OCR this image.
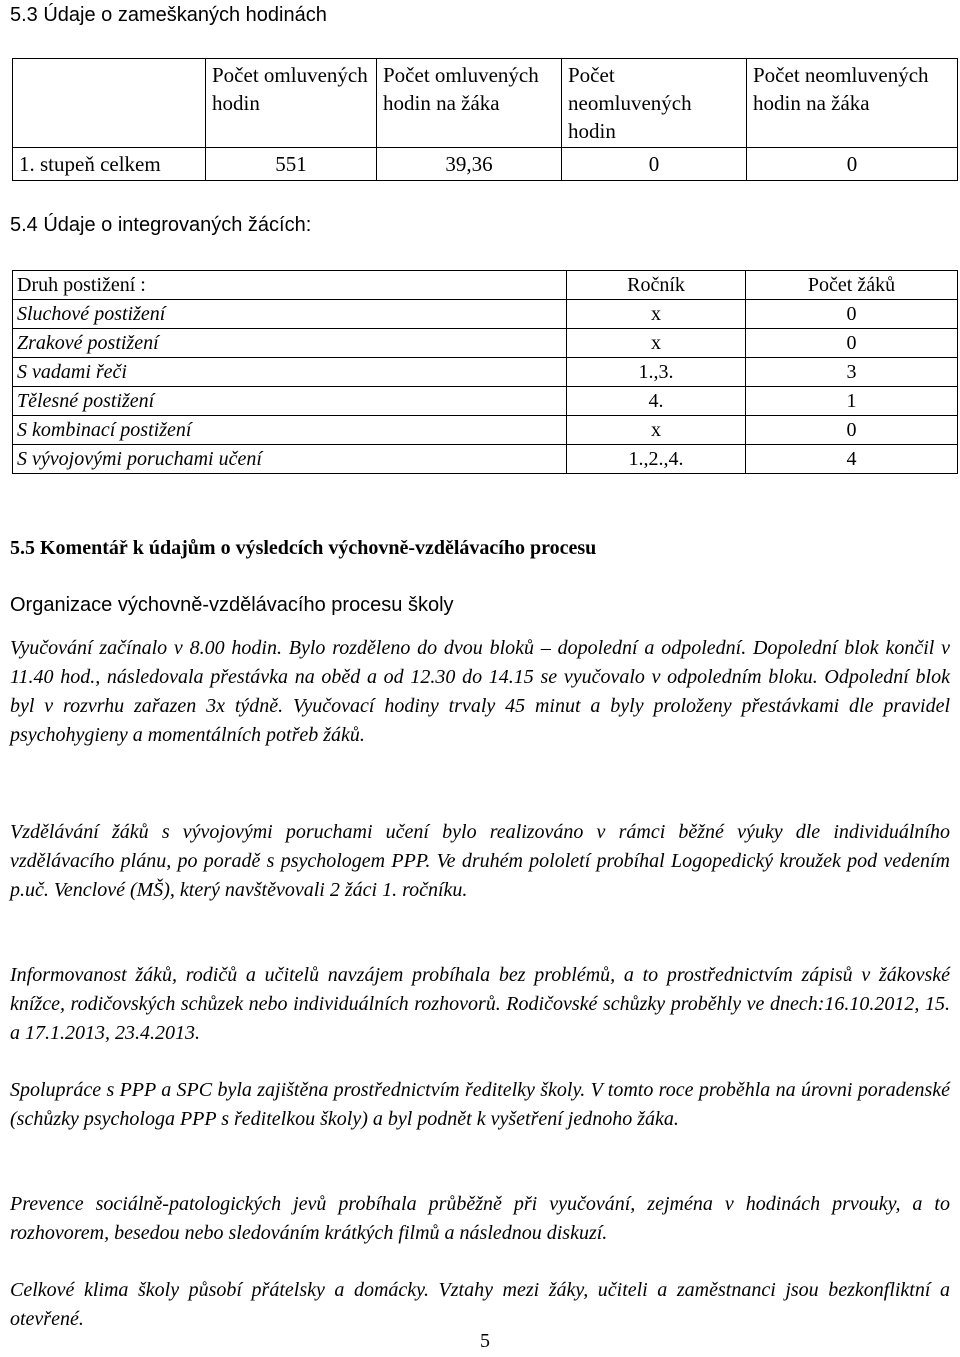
5.3 Údaje o zameškaných hodinách
	Počet omluvených hodin	Počet omluvených hodin na žáka	Počet neomluvených hodin	Počet neomluvených hodin na žáka
1. stupeň celkem	551	39,36	0	0
5.4 Údaje o integrovaných žácích:
Druh postižení :	Ročník	Počet žáků
Sluchové postižení	x	0
Zrakové postižení	x	0
S vadami řeči	1.,3.	3
Tělesné postižení	4.	1
S kombinací postižení	x	0
S vývojovými poruchami učení	1.,2.,4.	4
5.5 Komentář k údajům o výsledcích výchovně-vzdělávacího procesu
Organizace výchovně-vzdělávacího procesu školy

Vyučování začínalo v 8.00 hodin. Bylo rozděleno do dvou bloků – dopolední a odpolední. Dopolední blok končil v 11.40 hod., následovala přestávka na oběd a od 12.30 do 14.15 se vyučovalo v odpoledním bloku. Odpolední blok byl v rozvrhu zařazen 3x týdně. Vyučovací hodiny trvaly 45 minut a byly proloženy přestávkami dle pravidel psychohygieny a momentálních potřeb žáků.

Vzdělávání žáků s vývojovými poruchami učení bylo realizováno v rámci běžné výuky dle individuálního vzdělávacího plánu, po poradě s psychologem PPP. Ve druhém pololetí probíhal Logopedický kroužek pod vedením p.uč. Venclové (MŠ), který navštěvovali 2 žáci 1. ročníku.

Informovanost žáků, rodičů a učitelů navzájem probíhala bez problémů, a to prostřednictvím zápisů v žákovské knížce, rodičovských schůzek nebo individuálních rozhovorů. Rodičovské schůzky proběhly ve dnech:16.10.2012, 15. a 17.1.2013, 23.4.2013.

Spolupráce s PPP a SPC byla zajištěna prostřednictvím ředitelky školy. V tomto roce proběhla na úrovni poradenské (schůzky psychologa PPP s ředitelkou školy) a byl podnět k vyšetření jednoho žáka.

Prevence sociálně-patologických jevů probíhala průběžně při vyučování, zejména v hodinách prvouky, a to rozhovorem, besedou nebo sledováním krátkých filmů a následnou diskuzí.

Celkové klima školy působí přátelsky a domácky. Vztahy mezi žáky, učiteli a zaměstnanci jsou bezkonfliktní a otevřené.

5
